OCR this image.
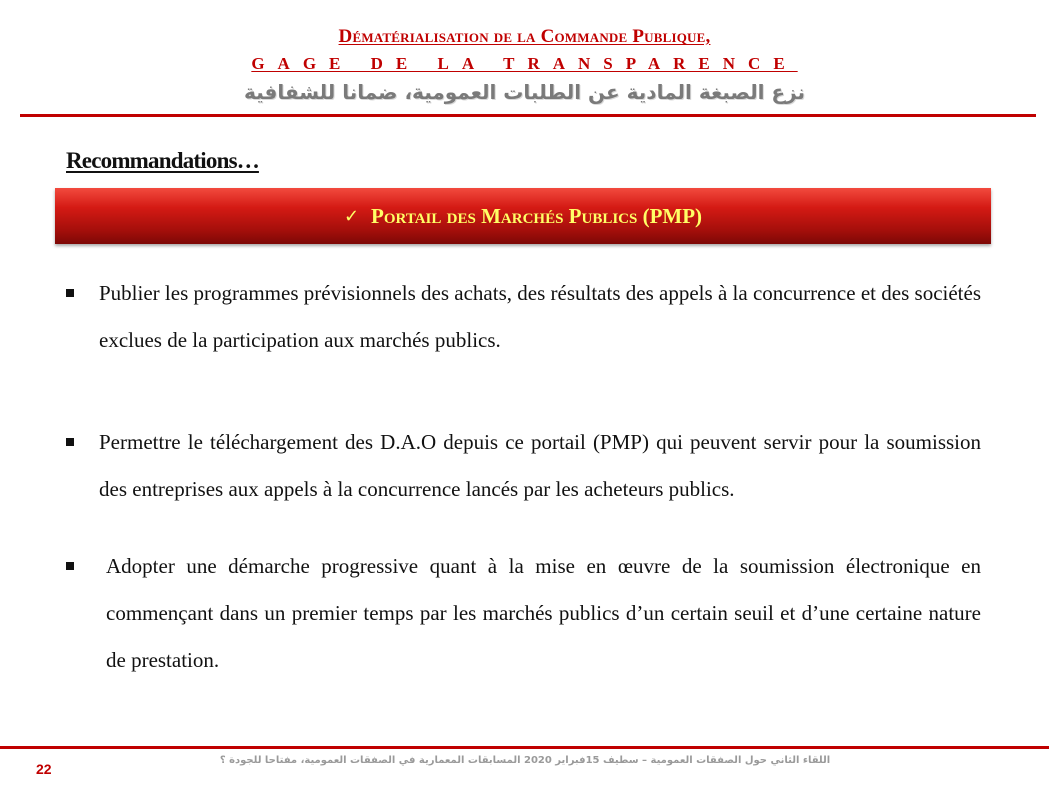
Dématérialisation de la Commande Publique,
GAGE DE LA TRANSPARENCE
نزع الصبغة المادية عن الطلبات العمومية، ضمانا للشفافية
Recommandations…
✓ Portail des Marchés Publics (PMP)
Publier les programmes prévisionnels des achats, des résultats des appels à la concurrence et des sociétés exclues de la participation aux marchés publics.
Permettre le téléchargement des D.A.O depuis ce portail (PMP) qui peuvent servir pour la soumission des entreprises aux appels à la concurrence lancés par les acheteurs publics.
Adopter une démarche progressive quant à la mise en œuvre de la soumission électronique en commençant dans un premier temps par les marchés publics d’un certain seuil et d’une certaine nature de prestation.
22
اللقاء الثاني حول الصفقات العمومية – سطيف 15فبراير 2020 المسابقات المعمارية في الصفقات العمومية، مفتاحا للجودة ؟
